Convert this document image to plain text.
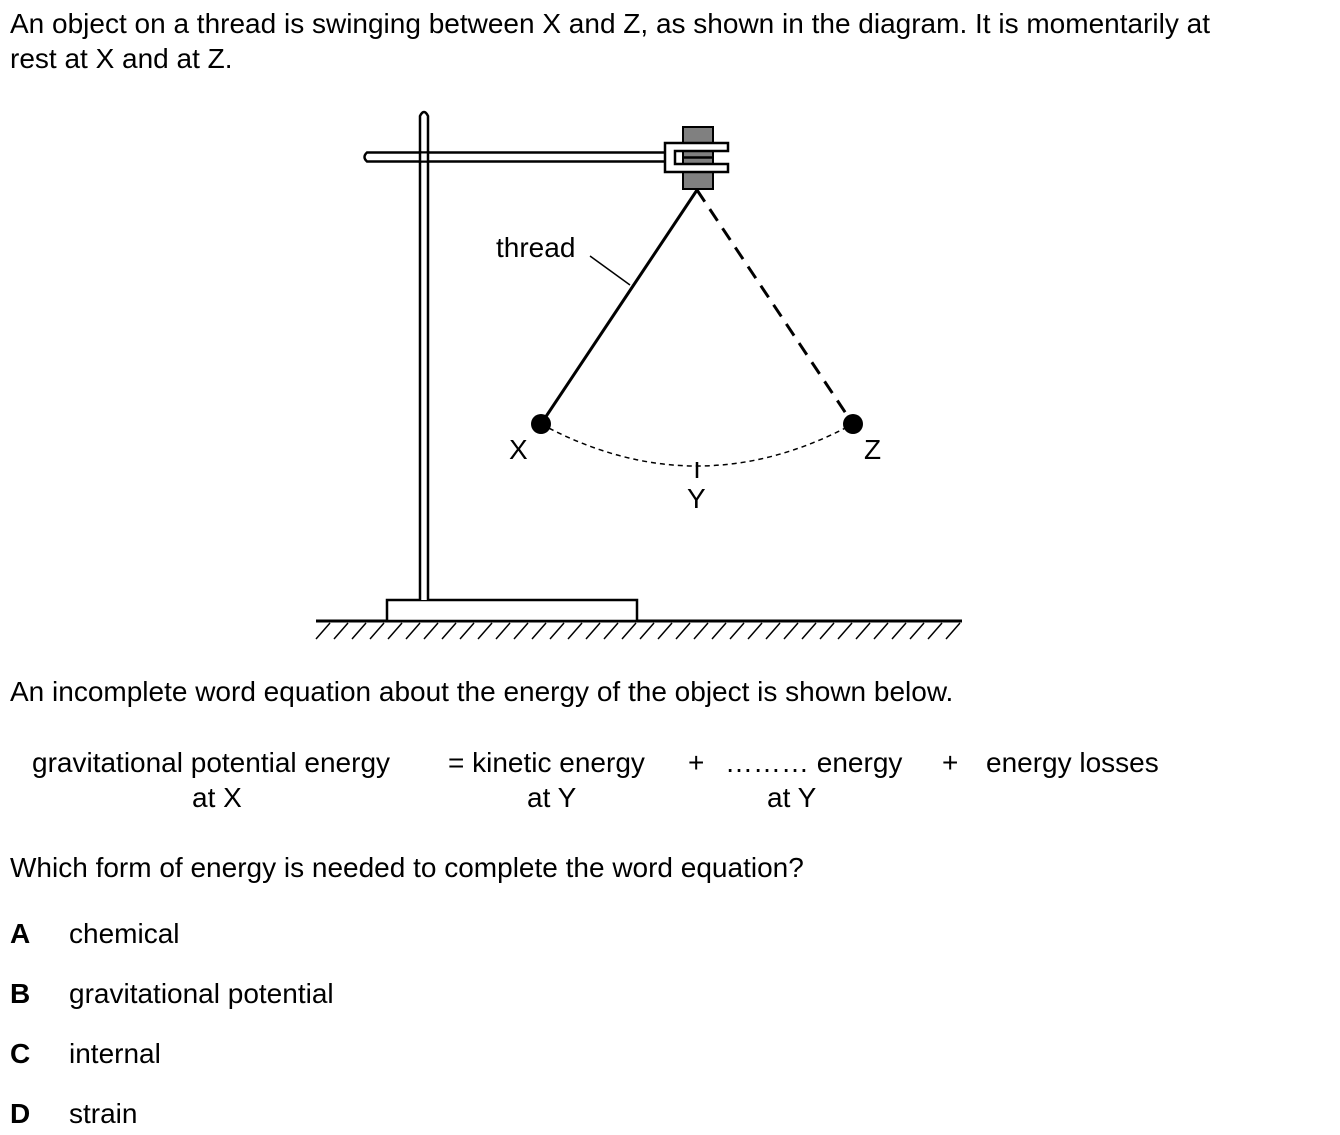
An object on a thread is swinging between X and Z, as shown in the diagram. It is momentarily at
rest at X and at Z.
thread
X
Y
Z
An incomplete word equation about the energy of the object is shown below.
gravitational potential energy
at X
= kinetic energy
at Y
+ ……… energy
at Y
+ energy losses
Which form of energy is needed to complete the word equation?
A chemical
B gravitational potential
C internal
D strain
